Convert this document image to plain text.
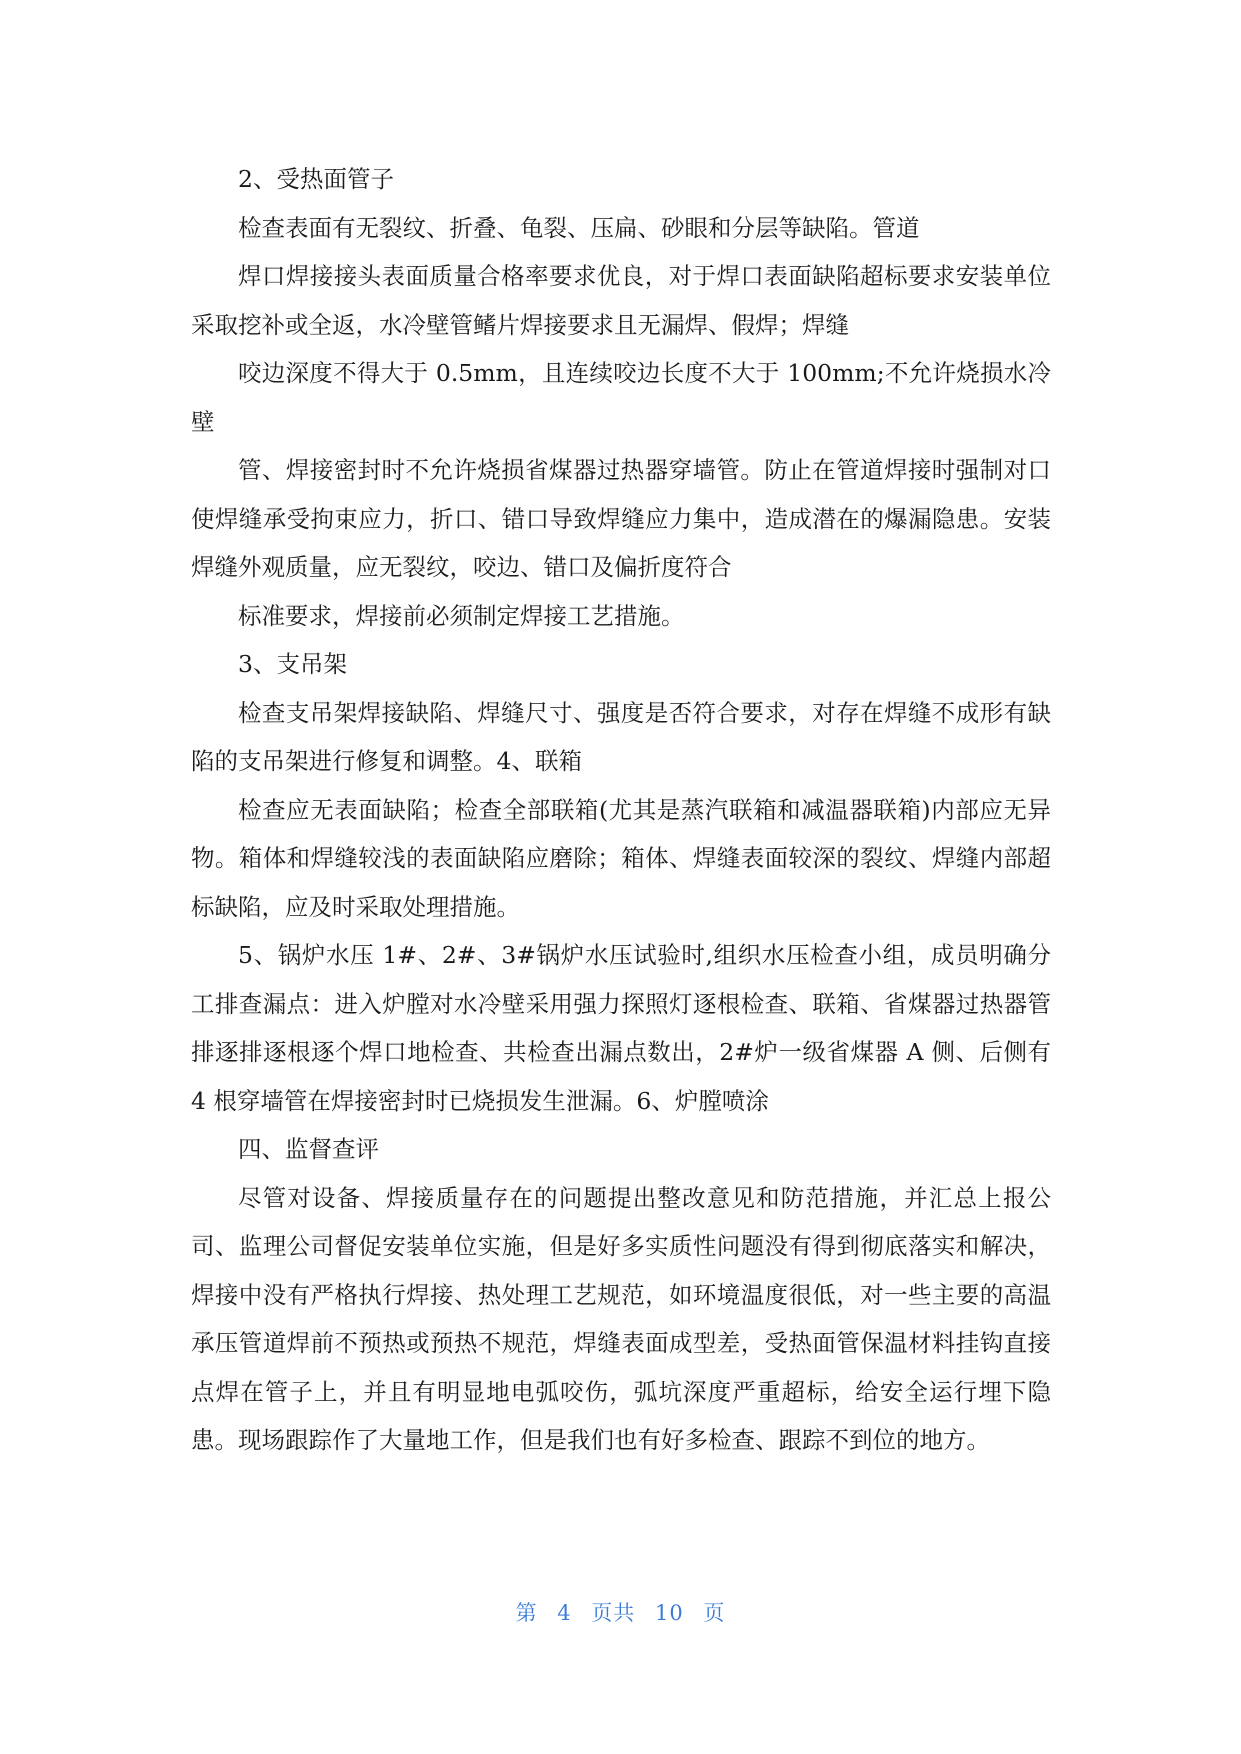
2、受热面管子

检查表面有无裂纹、折叠、龟裂、压扁、砂眼和分层等缺陷。管道

焊口焊接接头表面质量合格率要求优良，对于焊口表面缺陷超标要求安装单位采取挖补或全返，水冷壁管鳍片焊接要求且无漏焊、假焊；焊缝

咬边深度不得大于 0.5mm，且连续咬边长度不大于 100mm;不允许烧损水冷壁

管、焊接密封时不允许烧损省煤器过热器穿墙管。防止在管道焊接时强制对口使焊缝承受拘束应力，折口、错口导致焊缝应力集中，造成潜在的爆漏隐患。安装焊缝外观质量，应无裂纹，咬边、错口及偏折度符合

标准要求，焊接前必须制定焊接工艺措施。

3、支吊架

检查支吊架焊接缺陷、焊缝尺寸、强度是否符合要求，对存在焊缝不成形有缺陷的支吊架进行修复和调整。4、联箱

检查应无表面缺陷；检查全部联箱(尤其是蒸汽联箱和减温器联箱)内部应无异物。箱体和焊缝较浅的表面缺陷应磨除；箱体、焊缝表面较深的裂纹、焊缝内部超标缺陷，应及时采取处理措施。

5、锅炉水压 1#、2#、3#锅炉水压试验时,组织水压检查小组，成员明确分工排查漏点：进入炉膛对水冷壁采用强力探照灯逐根检查、联箱、省煤器过热器管排逐排逐根逐个焊口地检查、共检查出漏点数出，2#炉一级省煤器 A 侧、后侧有 4 根穿墙管在焊接密封时已烧损发生泄漏。6、炉膛喷涂

四、监督查评

尽管对设备、焊接质量存在的问题提出整改意见和防范措施，并汇总上报公司、监理公司督促安装单位实施，但是好多实质性问题没有得到彻底落实和解决，焊接中没有严格执行焊接、热处理工艺规范，如环境温度很低，对一些主要的高温承压管道焊前不预热或预热不规范，焊缝表面成型差，受热面管保温材料挂钩直接点焊在管子上，并且有明显地电弧咬伤，弧坑深度严重超标，给安全运行埋下隐患。现场跟踪作了大量地工作，但是我们也有好多检查、跟踪不到位的地方。

第 4 页共 10 页
